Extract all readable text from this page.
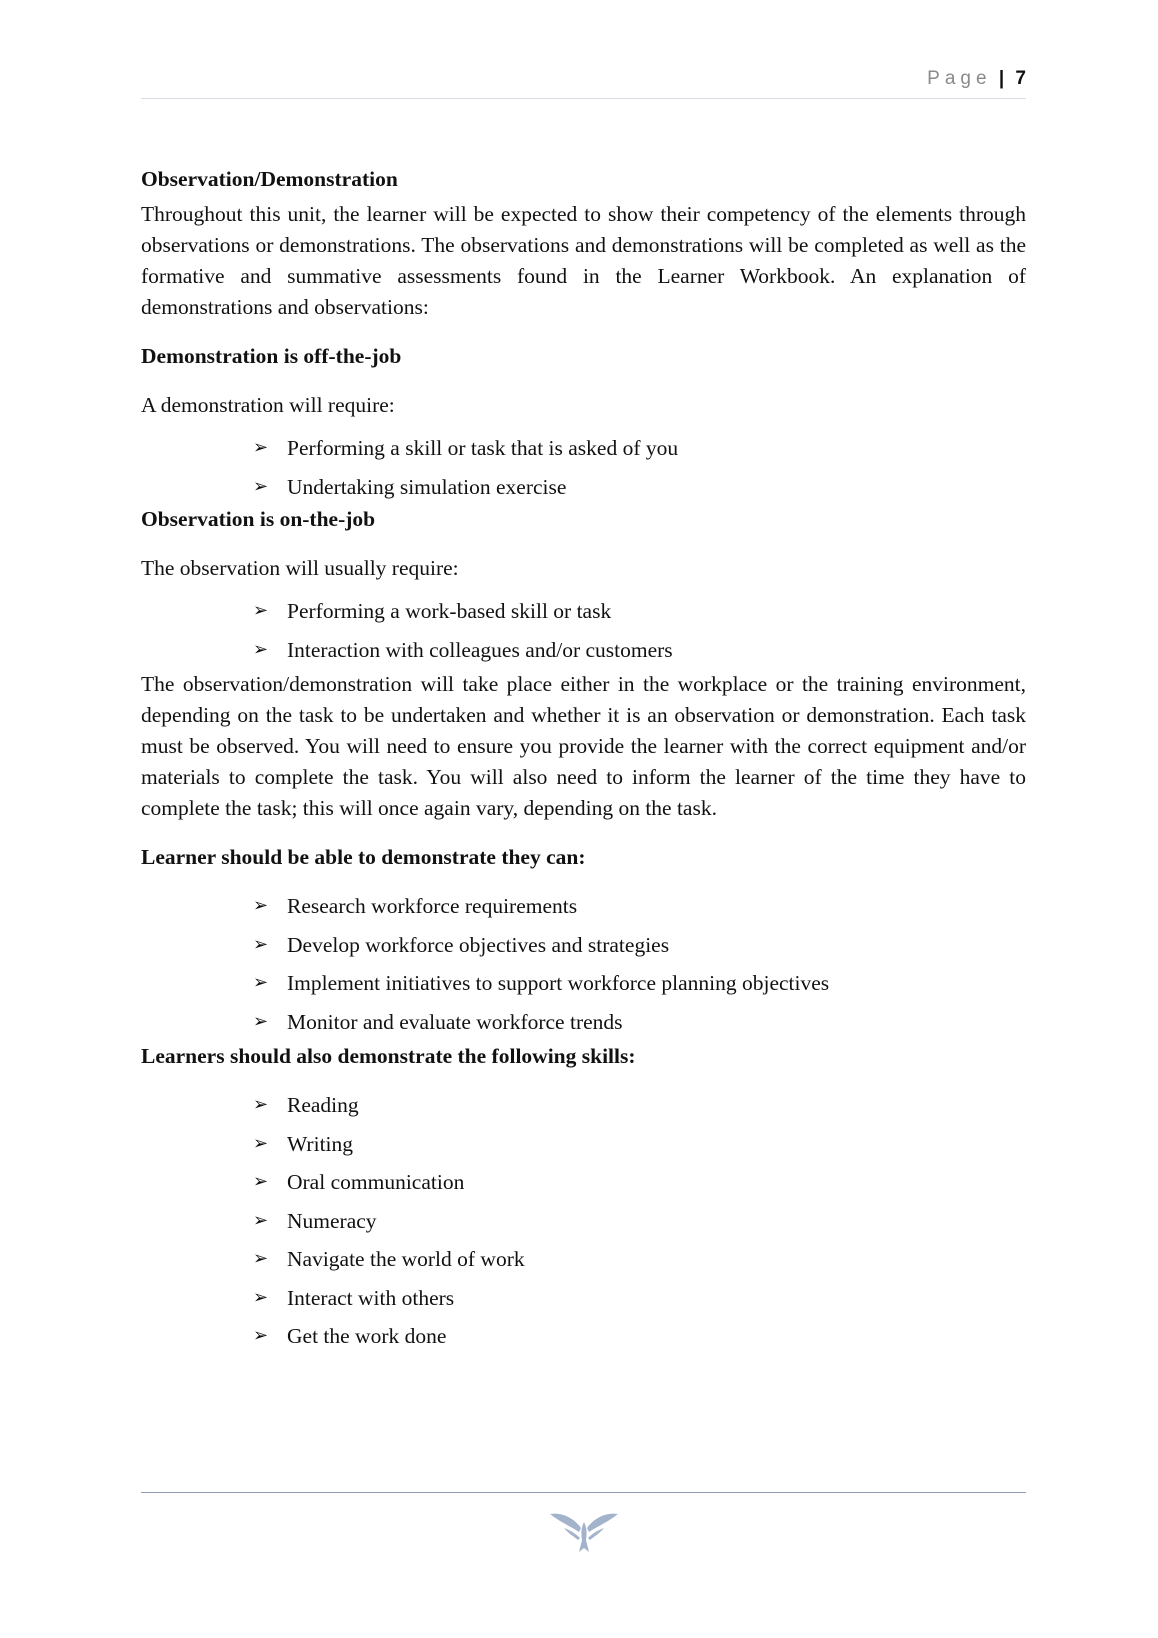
Page | 7

Observation/Demonstration

Throughout this unit, the learner will be expected to show their competency of the elements through observations or demonstrations. The observations and demonstrations will be completed as well as the formative and summative assessments found in the Learner Workbook. An explanation of demonstrations and observations:

Demonstration is off-the-job

A demonstration will require:

➢ Performing a skill or task that is asked of you
➢ Undertaking simulation exercise

Observation is on-the-job

The observation will usually require:

➢ Performing a work-based skill or task
➢ Interaction with colleagues and/or customers

The observation/demonstration will take place either in the workplace or the training environment, depending on the task to be undertaken and whether it is an observation or demonstration. Each task must be observed. You will need to ensure you provide the learner with the correct equipment and/or materials to complete the task. You will also need to inform the learner of the time they have to complete the task; this will once again vary, depending on the task.

Learner should be able to demonstrate they can:

➢ Research workforce requirements
➢ Develop workforce objectives and strategies
➢ Implement initiatives to support workforce planning objectives
➢ Monitor and evaluate workforce trends

Learners should also demonstrate the following skills:

➢ Reading
➢ Writing
➢ Oral communication
➢ Numeracy
➢ Navigate the world of work
➢ Interact with others
➢ Get the work done
